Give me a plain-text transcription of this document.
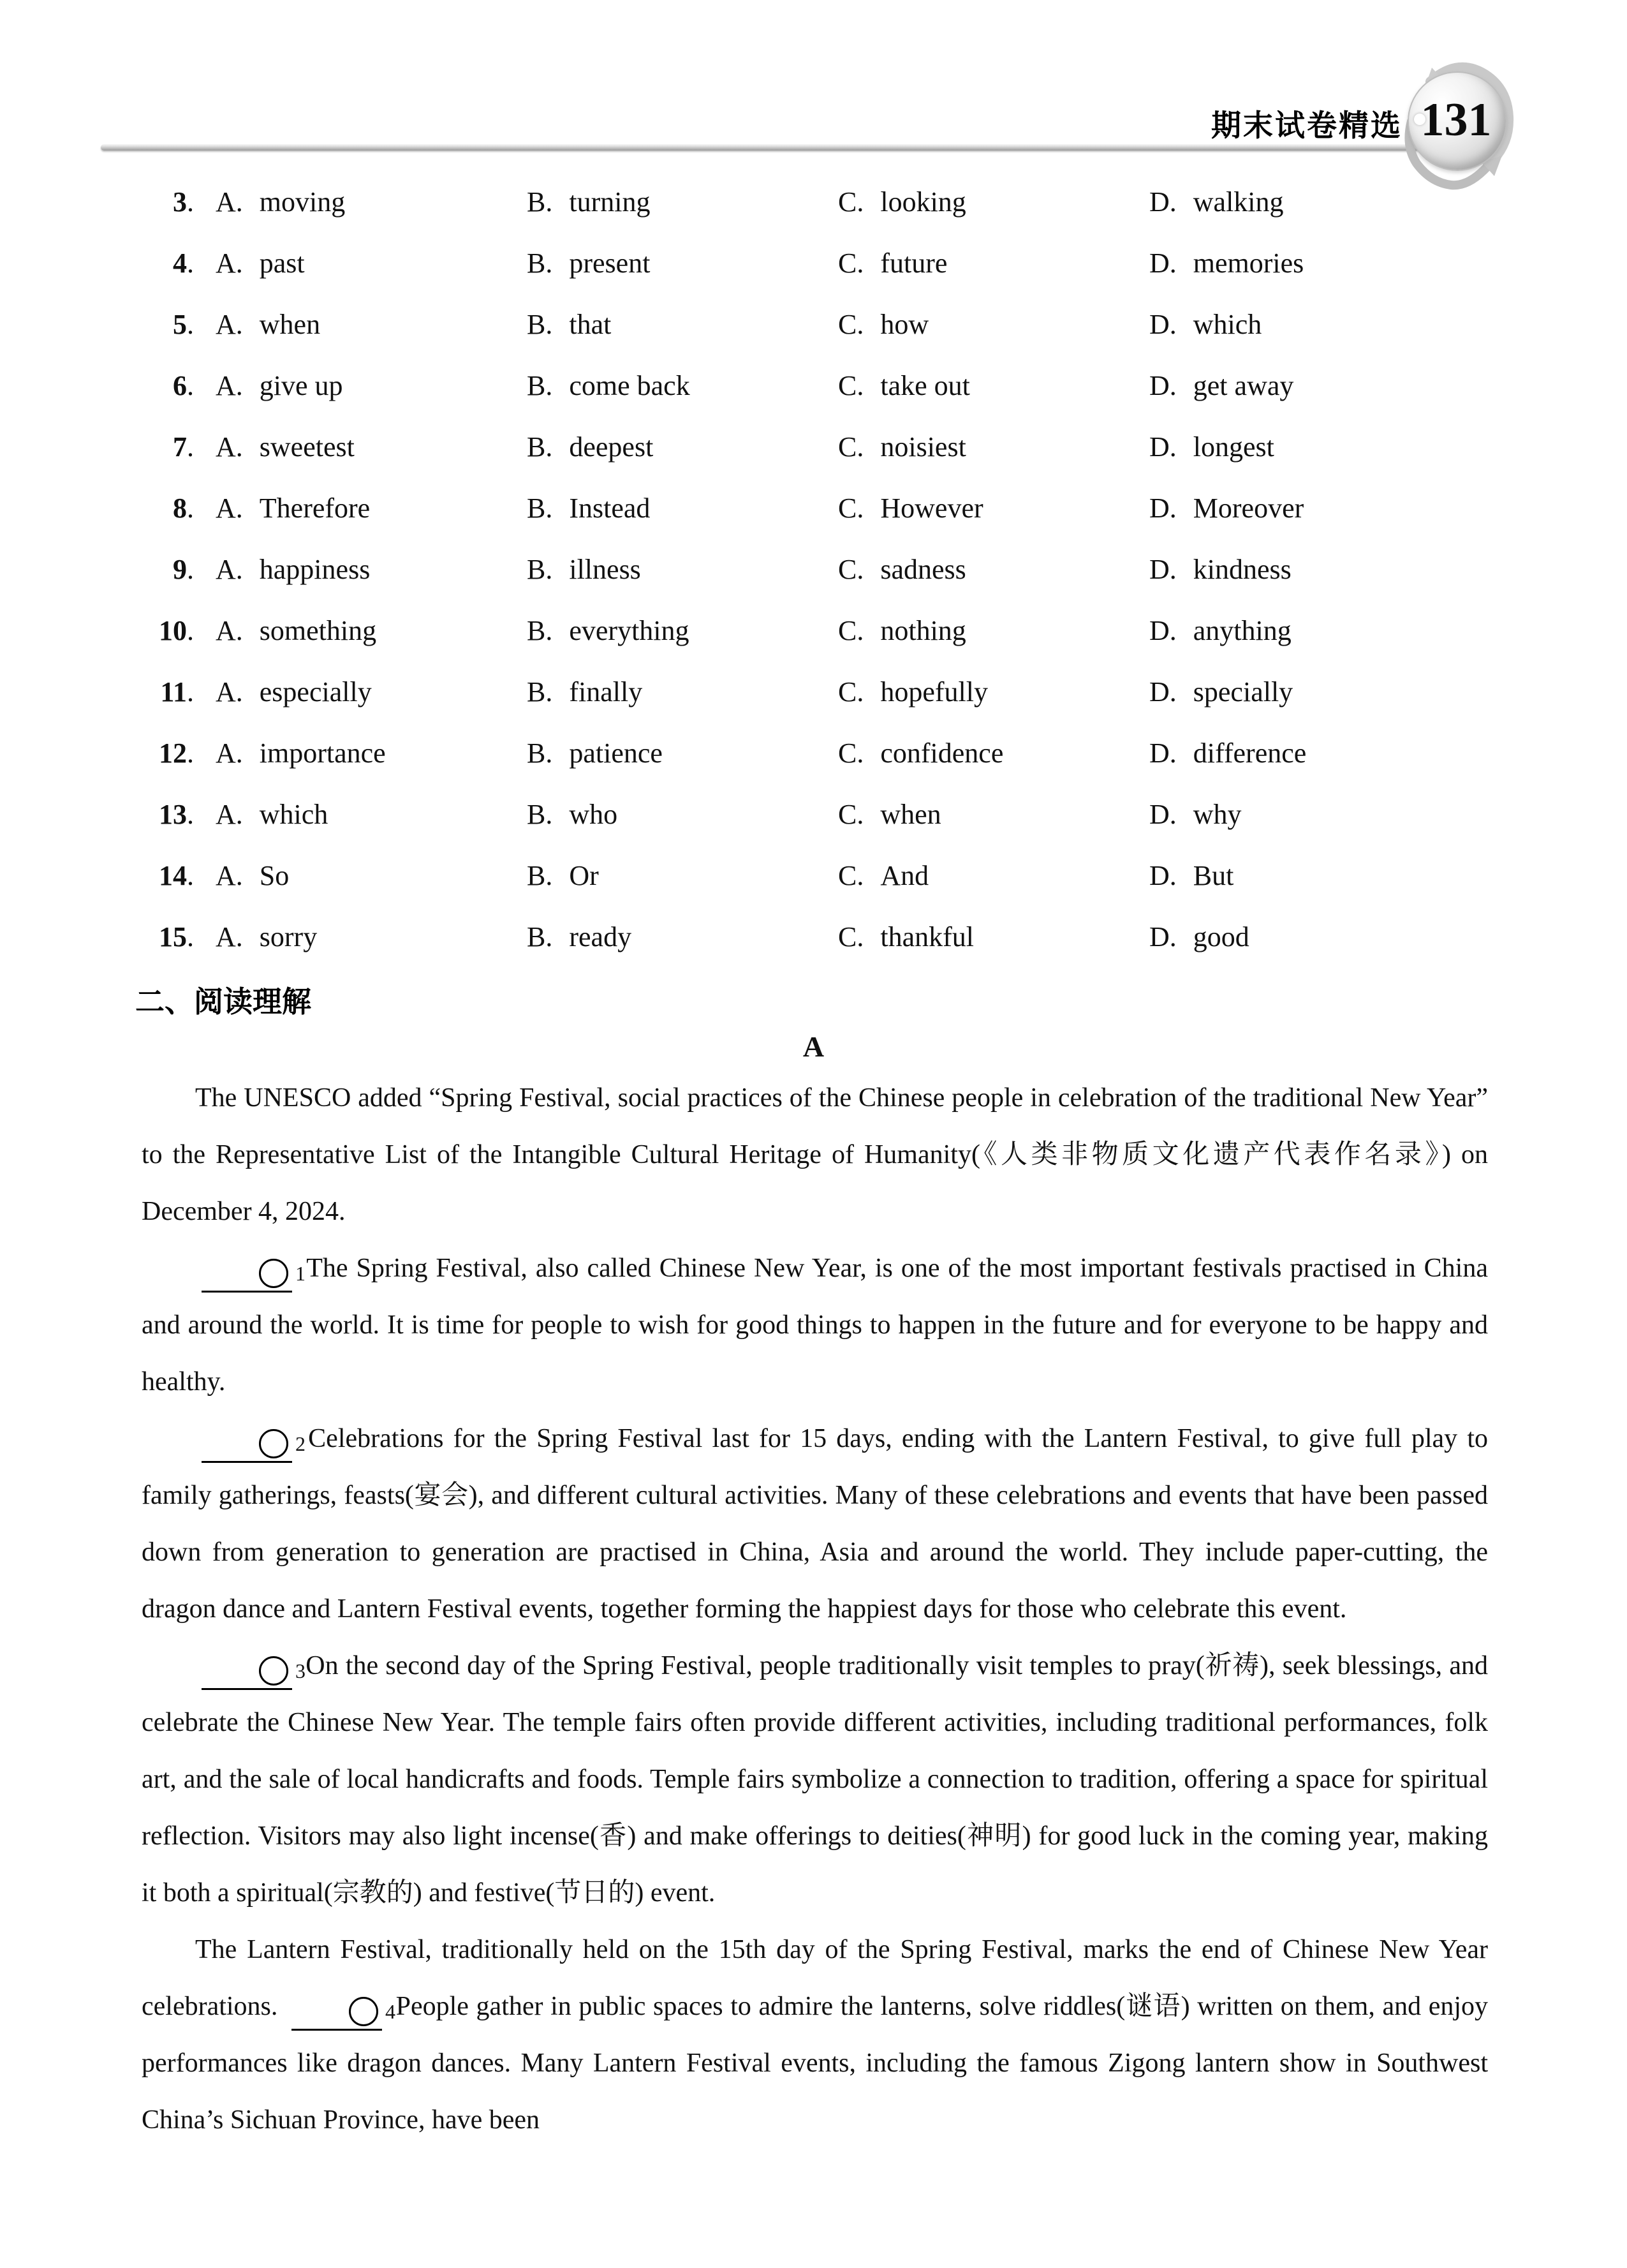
期末试卷精选 131
3. A. moving	B. turning	C. looking	D. walking
4. A. past	B. present	C. future	D. memories
5. A. when	B. that	C. how	D. which
6. A. give up	B. come back	C. take out	D. get away
7. A. sweetest	B. deepest	C. noisiest	D. longest
8. A. Therefore	B. Instead	C. However	D. Moreover
9. A. happiness	B. illness	C. sadness	D. kindness
10. A. something	B. everything	C. nothing	D. anything
11. A. especially	B. finally	C. hopefully	D. specially
12. A. importance	B. patience	C. confidence	D. difference
13. A. which	B. who	C. when	D. why
14. A. So	B. Or	C. And	D. But
15. A. sorry	B. ready	C. thankful	D. good
二、阅读理解
A

The UNESCO added “Spring Festival, social practices of the Chinese people in celebration of the traditional New Year” to the Representative List of the Intangible Cultural Heritage of Humanity(《人类非物质文化遗产代表作名录》) on December 4, 2024.

1 The Spring Festival, also called Chinese New Year, is one of the most important festivals practised in China and around the world. It is time for people to wish for good things to happen in the future and for everyone to be happy and healthy.

2 Celebrations for the Spring Festival last for 15 days, ending with the Lantern Festival, to give full play to family gatherings, feasts(宴会), and different cultural activities. Many of these celebrations and events that have been passed down from generation to generation are practised in China, Asia and around the world. They include paper-cutting, the dragon dance and Lantern Festival events, together forming the happiest days for those who celebrate this event.

3 On the second day of the Spring Festival, people traditionally visit temples to pray(祈祷), seek blessings, and celebrate the Chinese New Year. The temple fairs often provide different activities, including traditional performances, folk art, and the sale of local handicrafts and foods. Temple fairs symbolize a connection to tradition, offering a space for spiritual reflection. Visitors may also light incense(香) and make offerings to deities(神明) for good luck in the coming year, making it both a spiritual(宗教的) and festive(节日的) event.

The Lantern Festival, traditionally held on the 15th day of the Spring Festival, marks the end of Chinese New Year celebrations.	4 People gather in public spaces to admire the lanterns, solve riddles(谜语) written on them, and enjoy performances like dragon dances. Many Lantern Festival events, including the famous Zigong lantern show in Southwest China’s Sichuan Province, have been
